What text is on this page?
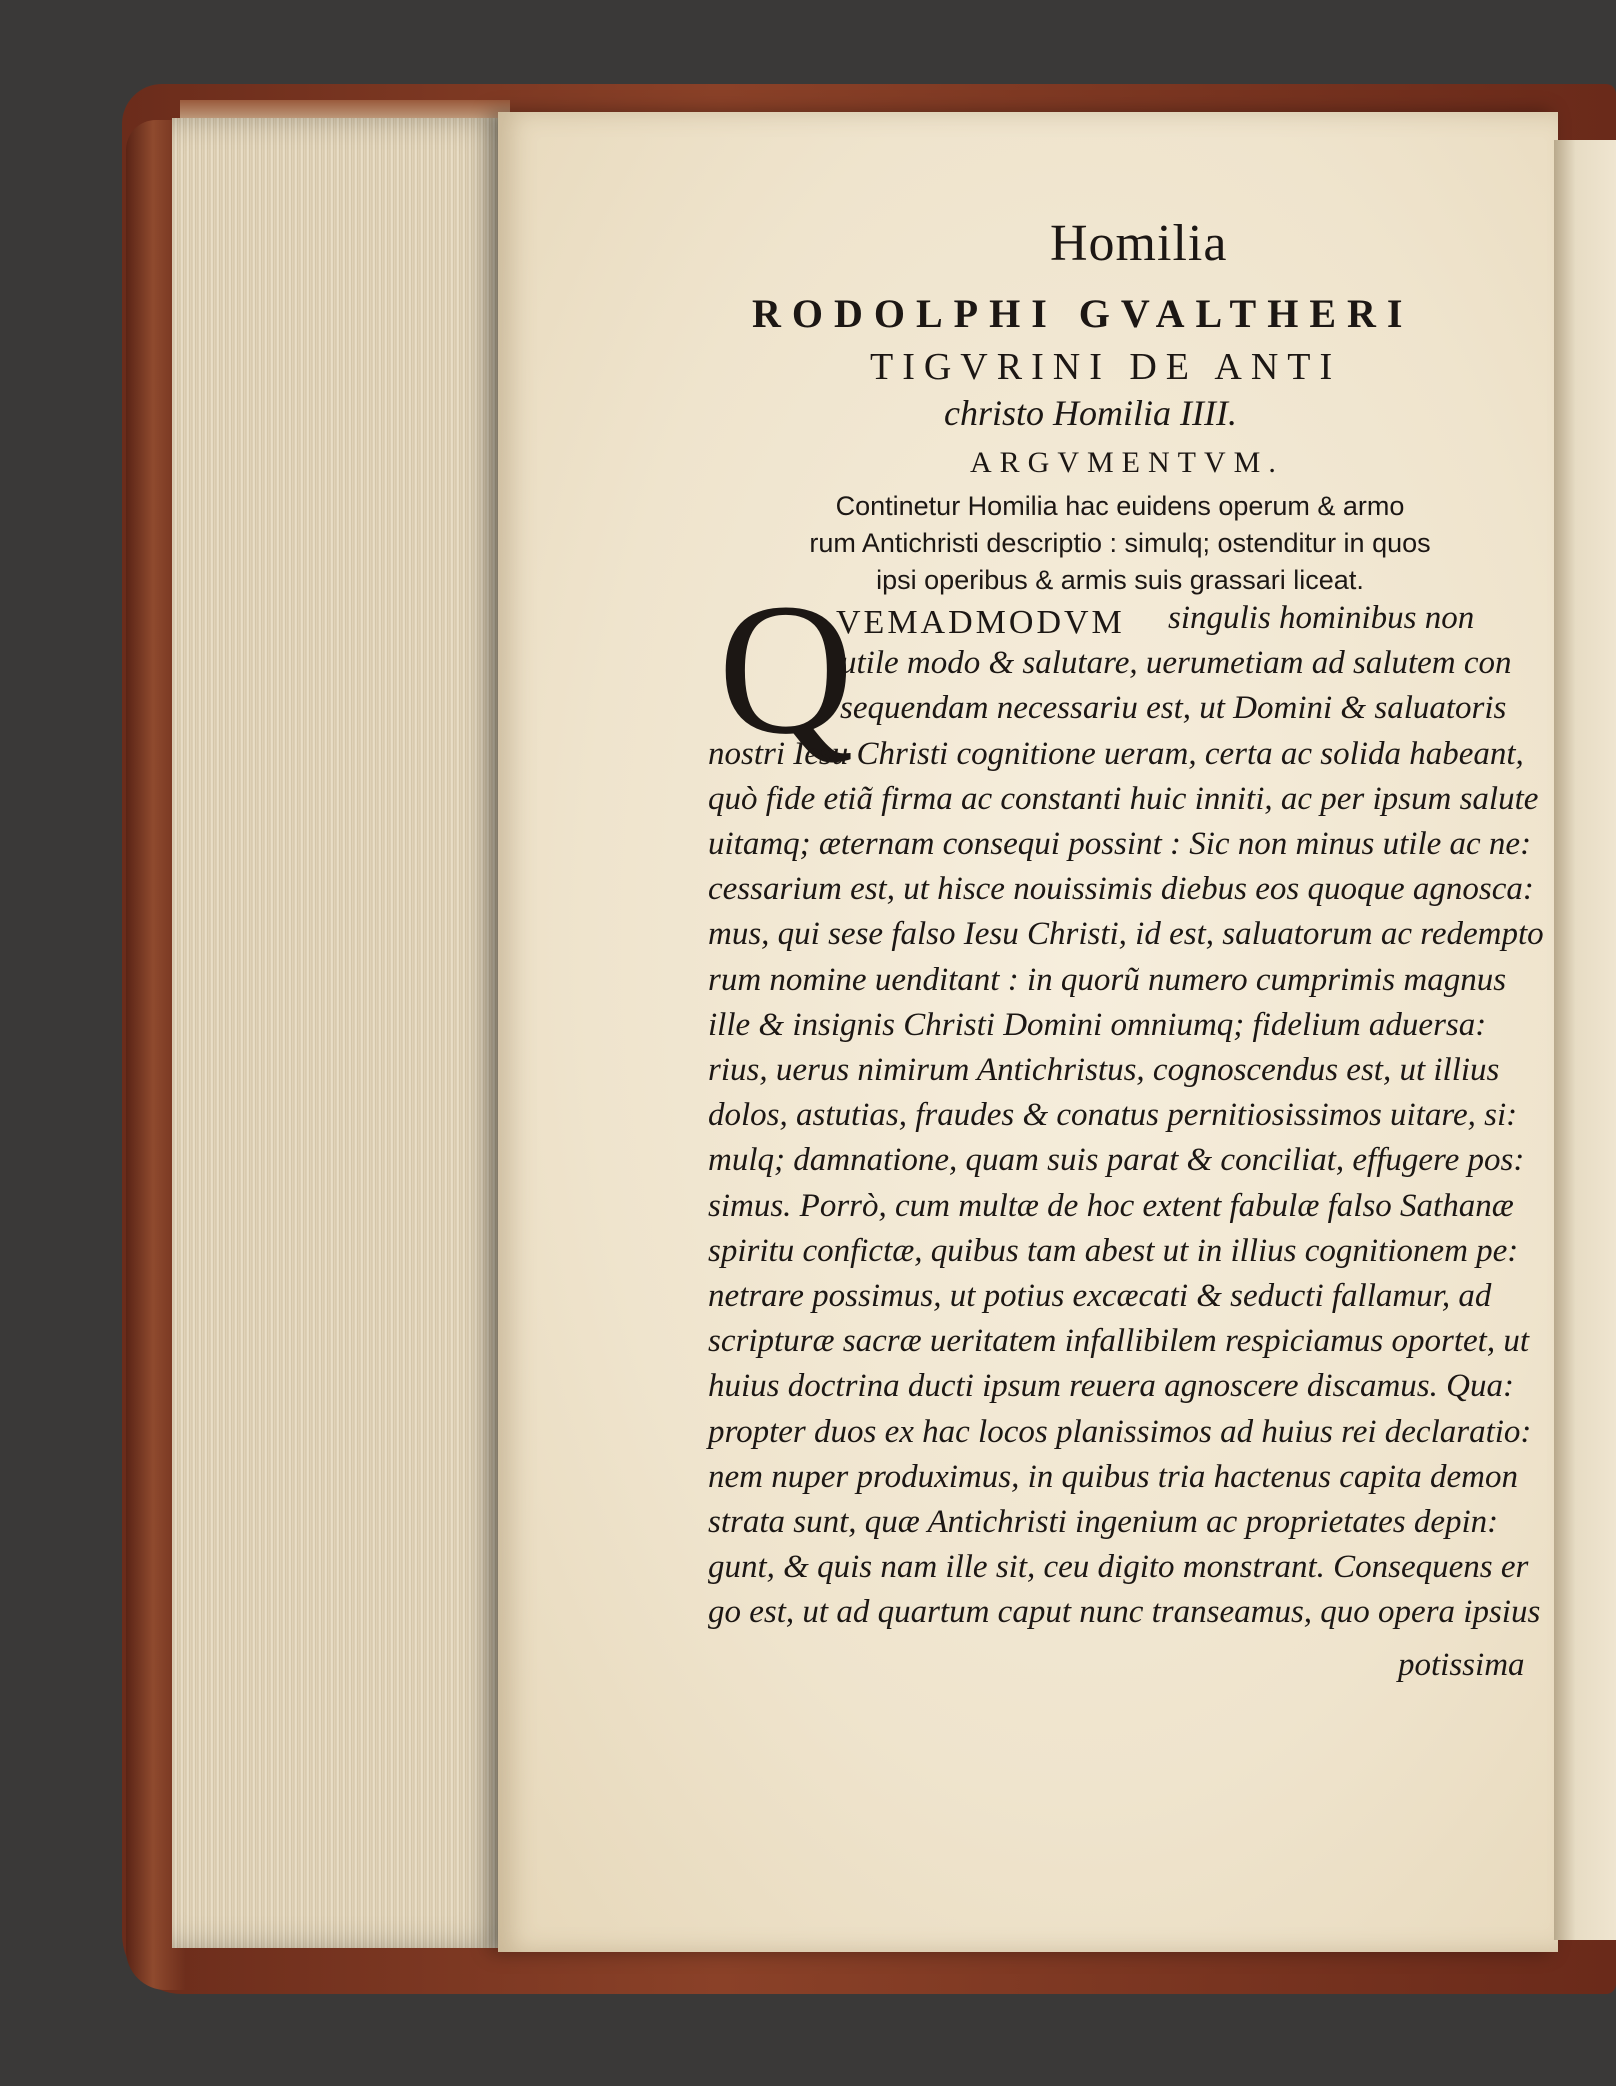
Homilia
RODOLPHI GVALTHERI
TIGVRINI DE ANTI
christo Homilia IIII.
ARGVMENTVM.
Continetur Homilia hac euidens operum & armo
rum Antichristi descriptio : simulq; ostenditur in quos
ipsi operibus & armis suis grassari liceat.
Q
VEMADMODVM	singulis hominibus non
utile modo & salutare, uerumetiam ad salutem con
sequendam necessariu est, ut Domini & saluatoris
nostri Iesu Christi cognitione ueram, certa ac solida habeant,
quò fide etiã firma ac constanti huic inniti, ac per ipsum salute
uitamq; æternam consequi possint : Sic non minus utile ac ne:
cessarium est, ut hisce nouissimis diebus eos quoque agnosca:
mus, qui sese falso Iesu Christi, id est, saluatorum ac redempto
rum nomine uenditant : in quorũ numero cumprimis magnus
ille & insignis Christi Domini omniumq; fidelium aduersa:
rius, uerus nimirum Antichristus, cognoscendus est, ut illius
dolos, astutias, fraudes & conatus pernitiosissimos uitare, si:
mulq; damnatione, quam suis parat & conciliat, effugere pos:
simus. Porrò, cum multæ de hoc extent fabulæ falso Sathanæ
spiritu confictæ, quibus tam abest ut in illius cognitionem pe:
netrare possimus, ut potius excæcati & seducti fallamur, ad
scripturæ sacræ ueritatem infallibilem respiciamus oportet, ut
huius doctrina ducti ipsum reuera agnoscere discamus. Qua:
propter duos ex hac locos planissimos ad huius rei declaratio:
nem nuper produximus, in quibus tria hactenus capita demon
strata sunt, quæ Antichristi ingenium ac proprietates depin:
gunt, & quis nam ille sit, ceu digito monstrant. Consequens er
go est, ut ad quartum caput nunc transeamus, quo opera ipsius
potissima
